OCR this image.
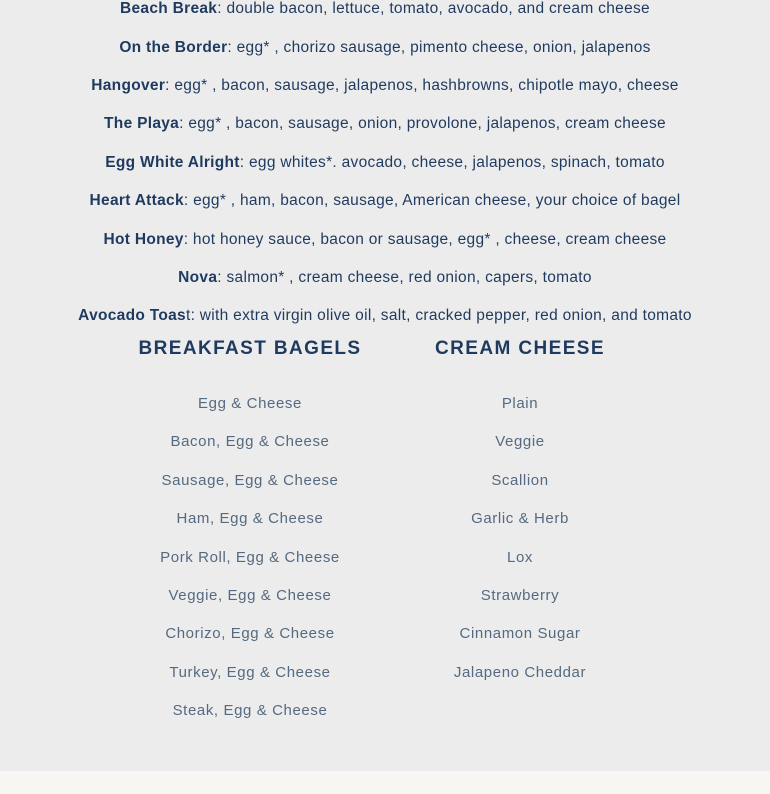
Beach Break: double bacon, lettuce, tomato, avocado, and cream cheese
On the Border: egg* , chorizo sausage, pimento cheese, onion, jalapenos
Hangover: egg* , bacon, sausage, jalapenos, hashbrowns, chipotle mayo, cheese
The Playa: egg* , bacon, sausage, onion, provolone, jalapenos, cream cheese
Egg White Alright: egg whites*. avocado, cheese, jalapenos, spinach, tomato
Heart Attack: egg* , ham, bacon, sausage, American cheese, your choice of bagel
Hot Honey: hot honey sauce, bacon or sausage, egg* , cheese, cream cheese
Nova: salmon* , cream cheese, red onion, capers, tomato
Avocado Toast: with extra virgin olive oil, salt, cracked pepper, red onion, and tomato
BREAKFAST BAGELS	CREAM CHEESE
Egg & Cheese
Bacon, Egg & Cheese
Sausage, Egg & Cheese
Ham, Egg & Cheese
Pork Roll, Egg & Cheese
Veggie, Egg & Cheese
Chorizo, Egg & Cheese
Turkey, Egg & Cheese
Steak, Egg & Cheese
Plain
Veggie
Scallion
Garlic & Herb
Lox
Strawberry
Cinnamon Sugar
Jalapeno Cheddar
